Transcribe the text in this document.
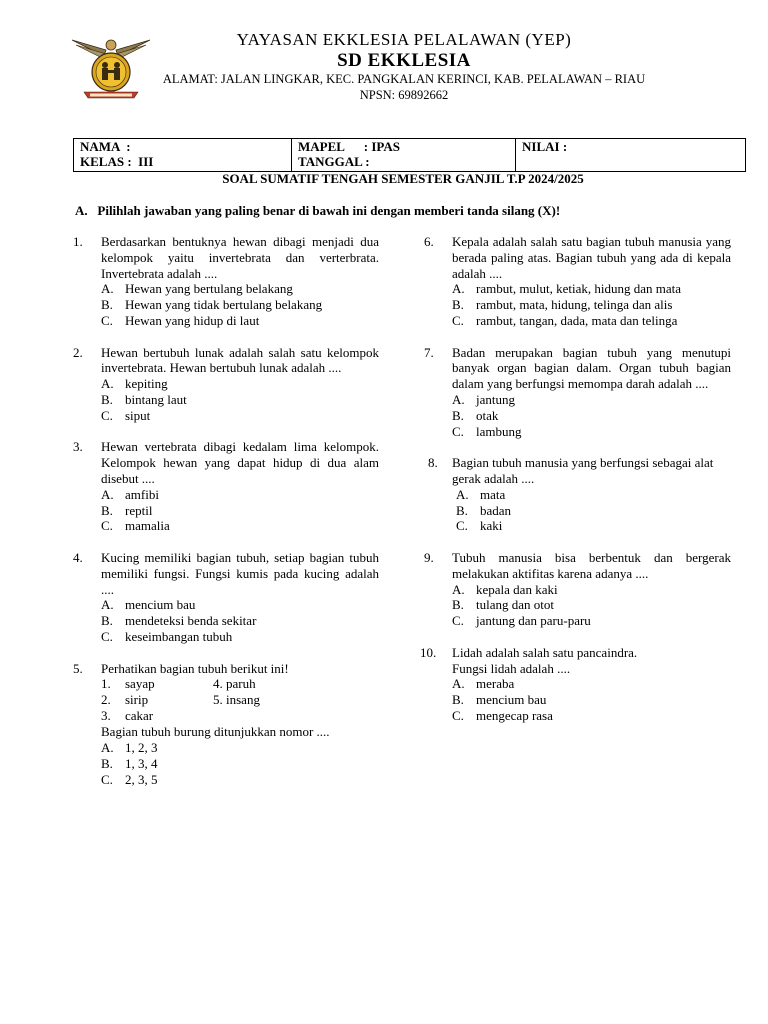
YAYASAN EKKLESIA PELALAWAN (YEP)
SD EKKLESIA
ALAMAT: JALAN LINGKAR, KEC. PANGKALAN KERINCI, KAB. PELALAWAN – RIAU
NPSN: 69892662
NAMA  :
KELAS : III

MAPEL      : IPAS
TANGGAL :

NILAI :
SOAL SUMATIF TENGAH SEMESTER GANJIL T.P 2024/2025
A. Pilihlah jawaban yang paling benar di bawah ini dengan memberi tanda silang (X)!
1.	Berdasarkan bentuknya hewan dibagi menjadi dua kelompok yaitu invertebrata dan verterbrata. Invertebrata adalah ....
A. Hewan yang bertulang belakang
B. Hewan yang tidak bertulang belakang
C. Hewan yang hidup di laut
2.	Hewan bertubuh lunak adalah salah satu kelompok invertebrata. Hewan bertubuh lunak adalah ....
A. kepiting
B. bintang laut
C. siput
3.	Hewan vertebrata dibagi kedalam lima kelompok. Kelompok hewan yang dapat hidup di dua alam disebut ....
A. amfibi
B. reptil
C. mamalia
4.	Kucing memiliki bagian tubuh, setiap bagian tubuh memiliki fungsi. Fungsi kumis pada kucing adalah ....
A. mencium bau
B. mendeteksi benda sekitar
C. keseimbangan tubuh
5.	Perhatikan bagian tubuh berikut ini!
1.	sayap	4. paruh
2.	sirip	5. insang
3.	cakar
Bagian tubuh burung ditunjukkan nomor ....
A. 1, 2, 3
B. 1, 3, 4
C. 2, 3, 5
6.	Kepala adalah salah satu bagian tubuh manusia yang berada paling atas. Bagian tubuh yang ada di kepala adalah ....
A. rambut, mulut, ketiak, hidung dan mata
B. rambut, mata, hidung, telinga dan alis
C. rambut, tangan, dada, mata dan telinga
7.	Badan merupakan bagian tubuh yang menutupi banyak organ bagian dalam. Organ tubuh bagian dalam yang berfungsi memompa darah adalah ....
A. jantung
B. otak
C. lambung
8.	Bagian tubuh manusia yang berfungsi sebagai alat gerak adalah ....
A. mata
B. badan
C. kaki
9.	Tubuh manusia bisa berbentuk dan bergerak melakukan aktifitas karena adanya ....
A. kepala dan kaki
B. tulang dan otot
C. jantung dan paru-paru
10.	Lidah adalah salah satu pancaindra.
Fungsi lidah adalah ....
A. meraba
B. mencium bau
C. mengecap rasa
